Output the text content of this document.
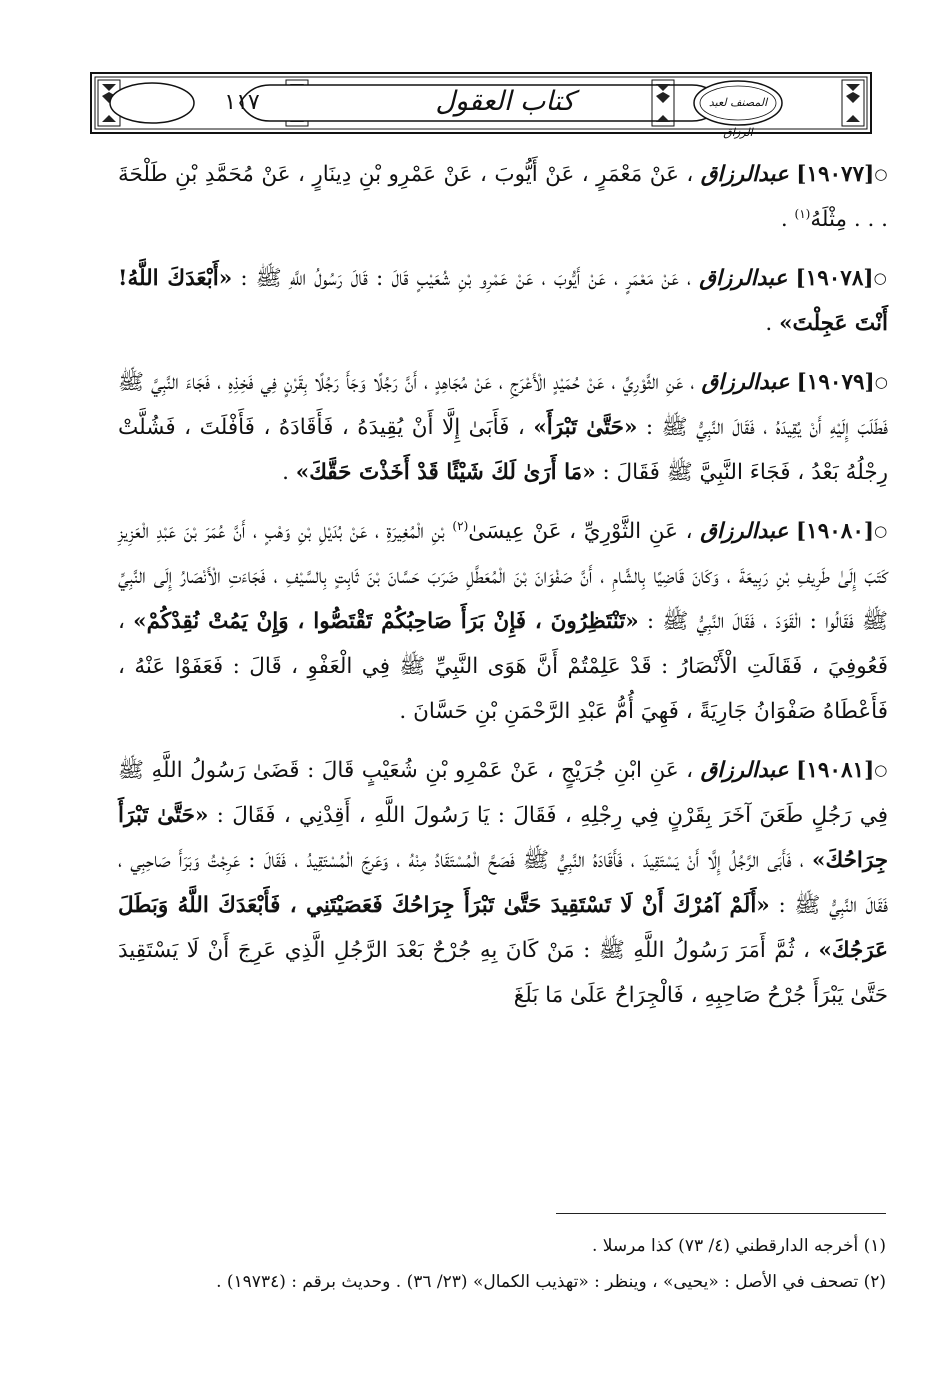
١١٧	كتاب العقول	المصنف لعبد الرزاق

○[١٩٠٧٧] عبدالرزاق ، عَنْ مَعْمَرٍ ، عَنْ أَيُّوبَ ، عَنْ عَمْرِو بْنِ دِينَارٍ ، عَنْ مُحَمَّدِ بْنِ طَلْحَةَ . . . مِثْلَهُ$^{(١)}$ .

○[١٩٠٧٨] عبدالرزاق ، عَنْ مَعْمَرٍ ، عَنْ أَيُّوبَ ، عَنْ عَمْرِو بْنِ شُعَيْبٍ قَالَ : قَالَ رَسُولُ اللَّهِ ﷺ : «أَبْعَدَكَ اللَّهُ! أَنْتَ عَجِلْتَ» .

○[١٩٠٧٩] عبدالرزاق ، عَنِ الثَّوْرِيِّ ، عَنْ حُمَيْدٍ الْأَعْرَجِ ، عَنْ مُجَاهِدٍ ، أَنَّ رَجُلًا وَجَأَ رَجُلًا بِقَرْنٍ فِي فَخِذِهِ ، فَجَاءَ النَّبِيَّ ﷺ فَطَلَبَ إِلَيْهِ أَنْ يُقِيدَهُ ، فَقَالَ النَّبِيُّ ﷺ : «حَتَّىٰ تَبْرَأَ» ، فَأَبَىٰ إِلَّا أَنْ يُقِيدَهُ ، فَأَقَادَهُ ، فَأَفْلَتَ ، فَشُلَّتْ رِجْلُهُ بَعْدُ ، فَجَاءَ النَّبِيَّ ﷺ فَقَالَ : «مَا أَرَىٰ لَكَ شَيْئًا قَدْ أَخَذْتَ حَقَّكَ» .

○[١٩٠٨٠] عبدالرزاق ، عَنِ الثَّوْرِيِّ ، عَنْ عِيسَىٰ$^{(٢)}$ بْنِ الْمُغِيرَةِ ، عَنْ بُدَيْلِ بْنِ وَهْبٍ ، أَنَّ عُمَرَ بْنَ عَبْدِ الْعَزِيزِ كَتَبَ إِلَىٰ طَرِيفِ بْنِ رَبِيعَةَ ، وَكَانَ قَاضِيًا بِالشَّامِ ، أَنَّ صَفْوَانَ بْنَ الْمُعَطَّلِ ضَرَبَ حَسَّانَ بْنَ ثَابِتٍ بِالسَّيْفِ ، فَجَاءَتِ الْأَنْصَارُ إِلَى النَّبِيِّ ﷺ فَقَالُوا : الْقَوَدَ ، فَقَالَ النَّبِيُّ ﷺ : «تَنْتَظِرُونَ ، فَإِنْ بَرَأَ صَاحِبُكُمْ تَقْتَصُّوا ، وَإِنْ يَمُتْ نُقِدْكُمْ» ، فَعُوفِيَ ، فَقَالَتِ الْأَنْصَارُ : قَدْ عَلِمْتُمْ أَنَّ هَوَى النَّبِيِّ ﷺ فِي الْعَفْوِ ، قَالَ : فَعَفَوْا عَنْهُ ، فَأَعْطَاهُ صَفْوَانُ جَارِيَةً ، فَهِيَ أُمُّ عَبْدِ الرَّحْمَنِ بْنِ حَسَّانَ .

○[١٩٠٨١] عبدالرزاق ، عَنِ ابْنِ جُرَيْجٍ ، عَنْ عَمْرِو بْنِ شُعَيْبٍ قَالَ : قَضَىٰ رَسُولُ اللَّهِ ﷺ فِي رَجُلٍ طَعَنَ آخَرَ بِقَرْنٍ فِي رِجْلِهِ ، فَقَالَ : يَا رَسُولَ اللَّهِ ، أَقِدْنِي ، فَقَالَ : «حَتَّىٰ تَبْرَأَ جِرَاحُكَ» ، فَأَبَى الرَّجُلُ إِلَّا أَنْ يَسْتَقِيدَ ، فَأَقَادَهُ النَّبِيُّ ﷺ فَصَحَّ الْمُسْتَقَادُ مِنْهُ ، وَعَرِجَ الْمُسْتَقِيدُ ، فَقَالَ : عَرِجْتُ وَبَرَأَ صَاحِبِي ، فَقَالَ النَّبِيُّ ﷺ : «أَلَمْ آمُرْكَ أَنْ لَا تَسْتَقِيدَ حَتَّىٰ تَبْرَأَ جِرَاحُكَ فَعَصَيْتَنِي ، فَأَبْعَدَكَ اللَّهُ وَبَطَلَ عَرَجُكَ» ، ثُمَّ أَمَرَ رَسُولُ اللَّهِ ﷺ : مَنْ كَانَ بِهِ جُرْحٌ بَعْدَ الرَّجُلِ الَّذِي عَرِجَ أَنْ لَا يَسْتَقِيدَ حَتَّىٰ يَبْرَأَ جُرْحُ صَاحِبِهِ ، فَالْجِرَاحُ عَلَىٰ مَا بَلَغَ

(١) أخرجه الدارقطني (٤/ ٧٣) كذا مرسلا .

(٢) تصحف في الأصل : «يحيى» ، وينظر : «تهذيب الكمال» (٢٣/ ٣٦) . وحديث برقم : (١٩٧٣٤) .
